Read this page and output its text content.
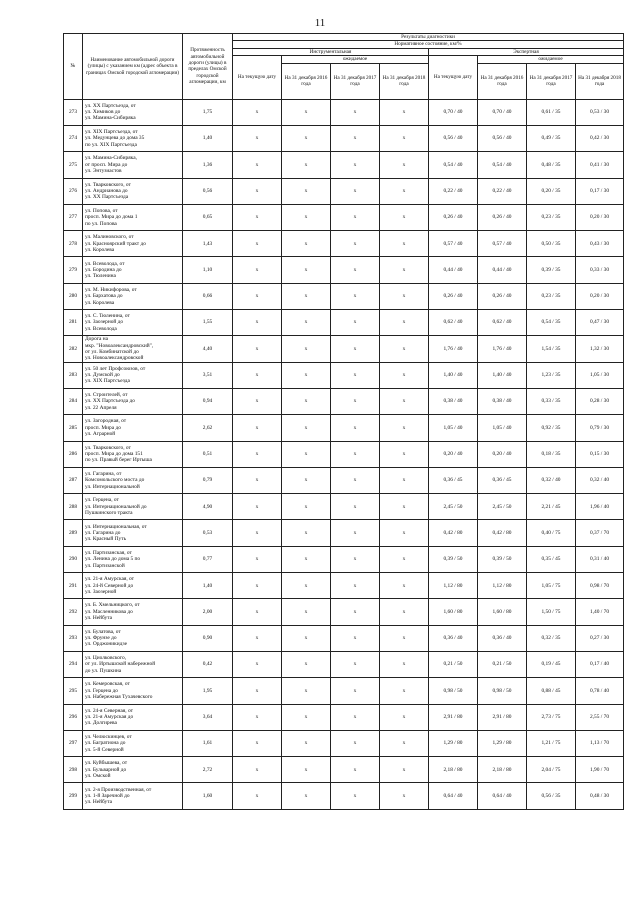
11
№	Наименование автомобильной дороги (улицы) с указанием км (адрес объекта в границах Омской городской агломерации)	Протяженность автомобильной дороги (улицы) в пределах Омской городской агломерации, км	Результаты диагностики							
			Нормативное состояние, км/%							
			Инструментальная				Экспертная			
			На текущую дату	ожидаемое			На текущую дату	ожидаемое		
				На 31 декабря 2016 года	На 31 декабря 2017 года	На 31 декабря 2018 года		На 31 декабря 2016 года	На 31 декабря 2017 года	На 31 декабря 2018 года
273	ул. XX Партсъезда, от
ул. Химиков до
ул. Мамина-Сибиряка	1,75	x	x	x	x	0,70 / 40	0,70 / 40	0,61 / 35	0,53 / 30
274	ул. XIX Партсъезда, от
ул. Медунцева до дома 35
по ул. XIX Партсъезда	1,40	x	x	x	x	0,56 / 40	0,56 / 40	0,49 / 35	0,42 / 30
275	ул. Мамина-Сибиряка,
от просп. Мира до
ул. Энтузиастов	1,36	x	x	x	x	0,54 / 40	0,54 / 40	0,48 / 35	0,41 / 30
276	ул. Тварковского, от
ул. Андрианова до
ул. XX Партсъезда	0,56	x	x	x	x	0,22 / 40	0,22 / 40	0,20 / 35	0,17 / 30
277	ул. Попова, от
просп. Мира до дома 1
по ул. Попова	0,65	x	x	x	x	0,26 / 40	0,26 / 40	0,23 / 35	0,20 / 30
278	ул. Малиновского, от
ул. Красноярский тракт до
ул. Королева	1,43	x	x	x	x	0,57 / 40	0,57 / 40	0,50 / 35	0,43 / 30
279	ул. Всеволода, от
ул. Бородина до
ул. Тюленина	1,10	x	x	x	x	0,44 / 40	0,44 / 40	0,39 / 35	0,33 / 30
280	ул. М. Никифорова, от
ул. Бархатова до
ул. Королева	0,66	x	x	x	x	0,26 / 40	0,26 / 40	0,23 / 35	0,20 / 30
281	ул. С. Тюленина, от
ул. Заозерной до
ул. Всеволода	1,55	x	x	x	x	0,62 / 40	0,62 / 40	0,54 / 35	0,47 / 30
282	Дорога на
мкр. "Новоалександровский",
от ул. Комбинатской до
ул. Новоалександровской	4,40	x	x	x	x	1,76 / 40	1,76 / 40	1,54 / 35	1,32 / 30
283	ул. 50 лет Профсоюзов, от
ул. Думской до
ул. XIX Партсъезда	3,51	x	x	x	x	1,40 / 40	1,40 / 40	1,23 / 35	1,05 / 30
284	ул. Строителей, от
ул. XX Партсъезда до
ул. 22 Апреля	0,94	x	x	x	x	0,38 / 40	0,38 / 40	0,33 / 35	0,28 / 30
285	ул. Загородная, от
просп. Мира до
ул. Аграрной	2,62	x	x	x	x	1,05 / 40	1,05 / 40	0,92 / 35	0,79 / 30
286	ул. Тварковского, от
просп. Мира до дома 151
по ул. Правый берег Иртыша	0,51	x	x	x	x	0,20 / 40	0,20 / 40	0,18 / 35	0,15 / 30
287	ул. Гагарина, от
Комсомольского моста до
ул. Интернациональной	0,79	x	x	x	x	0,36 / 45	0,36 / 45	0,32 / 40	0,32 / 40
288	ул. Герцена, от
ул. Интернациональной до
Пушкинского тракта	4,90	x	x	x	x	2,45 / 50	2,45 / 50	2,21 / 45	1,96 / 40
289	ул. Интернациональная, от
ул. Гагарина до
ул. Красный Путь	0,53	x	x	x	x	0,42 / 80	0,42 / 80	0,40 / 75	0,37 / 70
290	ул. Партизанская, от
ул. Ленина до дома 5 по
ул. Партизанской	0,77	x	x	x	x	0,39 / 50	0,39 / 50	0,35 / 45	0,31 / 40
291	ул. 21-я Амурская, от
ул. 24-й Северной до
ул. Заозерной	1,40	x	x	x	x	1,12 / 80	1,12 / 80	1,05 / 75	0,98 / 70
292	ул. Б. Хмельницкого, от
ул. Масленникова до
ул. Нейбута	2,00	x	x	x	x	1,60 / 80	1,60 / 80	1,50 / 75	1,40 / 70
293	ул. Булатова, от
ул. Фрунзе до
ул. Орджоникидзе	0,90	x	x	x	x	0,36 / 40	0,36 / 40	0,32 / 35	0,27 / 30
294	ул. Циолковского,
от ул. Иртышской набережной
до ул. Пушкина	0,42	x	x	x	x	0,21 / 50	0,21 / 50	0,19 / 45	0,17 / 40
295	ул. Кемеровская, от
ул. Герцена до
ул. Набережная Тухачевского	1,95	x	x	x	x	0,98 / 50	0,98 / 50	0,88 / 45	0,78 / 40
296	ул. 24-я Северная, от
ул. 21-я Амурская до
ул. Долгирева	3,64	x	x	x	x	2,91 / 80	2,91 / 80	2,73 / 75	2,55 / 70
297	ул. Челюскинцев, от
ул. Багратиона до
ул. 5-й Северной	1,61	x	x	x	x	1,29 / 80	1,29 / 80	1,21 / 75	1,13 / 70
298	ул. Куйбышева, от
ул. Бульварной до
ул. Омской	2,72	x	x	x	x	2,18 / 80	2,18 / 80	2,04 / 75	1,90 / 70
299	ул. 2-я Производственная, от
ул. 1-й Заречной до
ул. Нейбута	1,60	x	x	x	x	0,64 / 40	0,64 / 40	0,56 / 35	0,48 / 30
